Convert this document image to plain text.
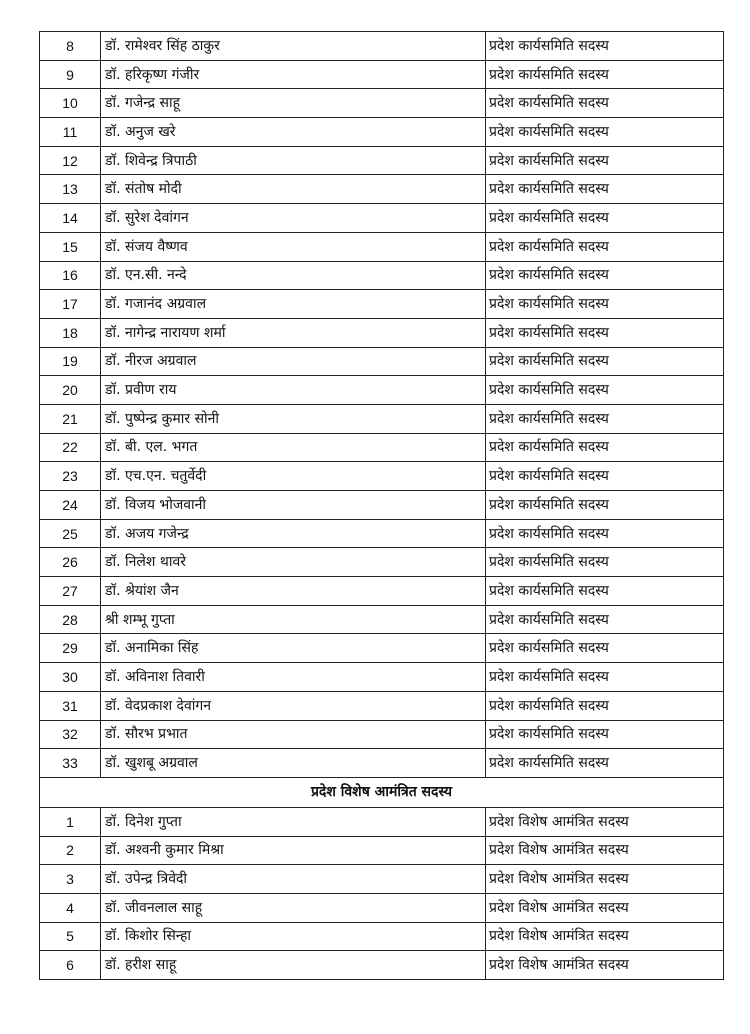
8	डॉ. रामेश्वर सिंह ठाकुर	प्रदेश कार्यसमिति सदस्य
9	डॉ. हरिकृष्ण गंजीर	प्रदेश कार्यसमिति सदस्य
10	डॉ. गजेन्द्र साहू	प्रदेश कार्यसमिति सदस्य
11	डॉ. अनुज खरे	प्रदेश कार्यसमिति सदस्य
12	डॉ. शिवेन्द्र त्रिपाठी	प्रदेश कार्यसमिति सदस्य
13	डॉ. संतोष मोदी	प्रदेश कार्यसमिति सदस्य
14	डॉ. सुरेश देवांगन	प्रदेश कार्यसमिति सदस्य
15	डॉ. संजय वैष्णव	प्रदेश कार्यसमिति सदस्य
16	डॉ. एन.सी. नन्दे	प्रदेश कार्यसमिति सदस्य
17	डॉ. गजानंद अग्रवाल	प्रदेश कार्यसमिति सदस्य
18	डॉ. नागेन्द्र नारायण शर्मा	प्रदेश कार्यसमिति सदस्य
19	डॉ. नीरज अग्रवाल	प्रदेश कार्यसमिति सदस्य
20	डॉ. प्रवीण राय	प्रदेश कार्यसमिति सदस्य
21	डॉ. पुष्पेन्द्र कुमार सोनी	प्रदेश कार्यसमिति सदस्य
22	डॉ. बी. एल. भगत	प्रदेश कार्यसमिति सदस्य
23	डॉ. एच.एन. चतुर्वेदी	प्रदेश कार्यसमिति सदस्य
24	डॉ. विजय भोजवानी	प्रदेश कार्यसमिति सदस्य
25	डॉ. अजय गजेन्द्र	प्रदेश कार्यसमिति सदस्य
26	डॉ. निलेश थावरे	प्रदेश कार्यसमिति सदस्य
27	डॉ. श्रेयांश जैन	प्रदेश कार्यसमिति सदस्य
28	श्री शम्भू गुप्ता	प्रदेश कार्यसमिति सदस्य
29	डॉ. अनामिका सिंह	प्रदेश कार्यसमिति सदस्य
30	डॉ. अविनाश तिवारी	प्रदेश कार्यसमिति सदस्य
31	डॉ. वेदप्रकाश देवांगन	प्रदेश कार्यसमिति सदस्य
32	डॉ. सौरभ प्रभात	प्रदेश कार्यसमिति सदस्य
33	डॉ. खुशबू अग्रवाल	प्रदेश कार्यसमिति सदस्य
प्रदेश विशेष आमंत्रित सदस्य		
1	डॉ. दिनेश गुप्ता	प्रदेश विशेष आमंत्रित सदस्य
2	डॉ. अश्वनी कुमार मिश्रा	प्रदेश विशेष आमंत्रित सदस्य
3	डॉ. उपेन्द्र त्रिवेदी	प्रदेश विशेष आमंत्रित सदस्य
4	डॉ. जीवनलाल साहू	प्रदेश विशेष आमंत्रित सदस्य
5	डॉ. किशोर सिन्हा	प्रदेश विशेष आमंत्रित सदस्य
6	डॉ. हरीश साहू	प्रदेश विशेष आमंत्रित सदस्य
